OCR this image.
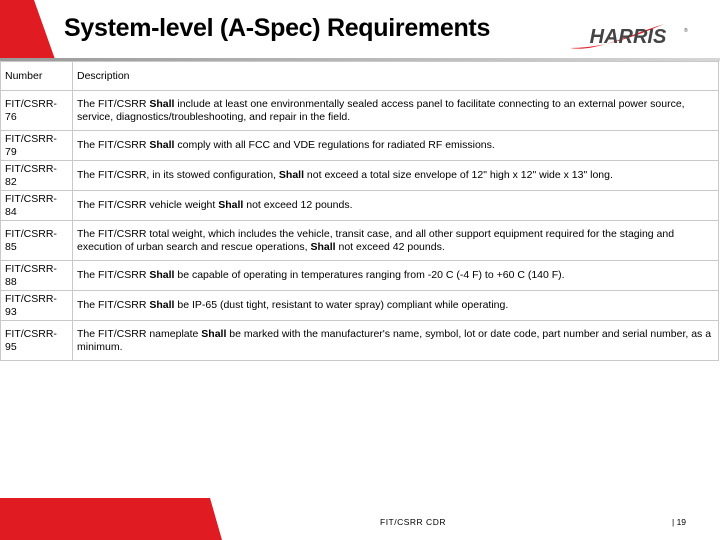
System-level (A-Spec) Requirements	HARRIS	®
Number	Description
FIT/CSRR-76	The FIT/CSRR Shall include at least one environmentally sealed access panel to facilitate connecting to an external power source, service, diagnostics/troubleshooting, and repair in the field.
FIT/CSRR-79	The FIT/CSRR Shall comply with all FCC and VDE regulations for radiated RF emissions.
FIT/CSRR-82	The FIT/CSRR, in its stowed configuration, Shall not exceed a total size envelope of 12" high x 12" wide x 13" long.
FIT/CSRR-84	The FIT/CSRR vehicle weight Shall not exceed 12 pounds.
FIT/CSRR-85	The FIT/CSRR total weight, which includes the vehicle, transit case, and all other support equipment required for the staging and execution of urban search and rescue operations, Shall not exceed 42 pounds.
FIT/CSRR-88	The FIT/CSRR Shall be capable of operating in temperatures ranging from -20 C (-4 F) to +60 C (140 F).
FIT/CSRR-93	The FIT/CSRR Shall be IP-65 (dust tight, resistant to water spray) compliant while operating.
FIT/CSRR-95	The FIT/CSRR nameplate Shall be marked with the manufacturer's name, symbol, lot or date code, part number and serial number, as a minimum.
FIT/CSRR CDR	| 19
